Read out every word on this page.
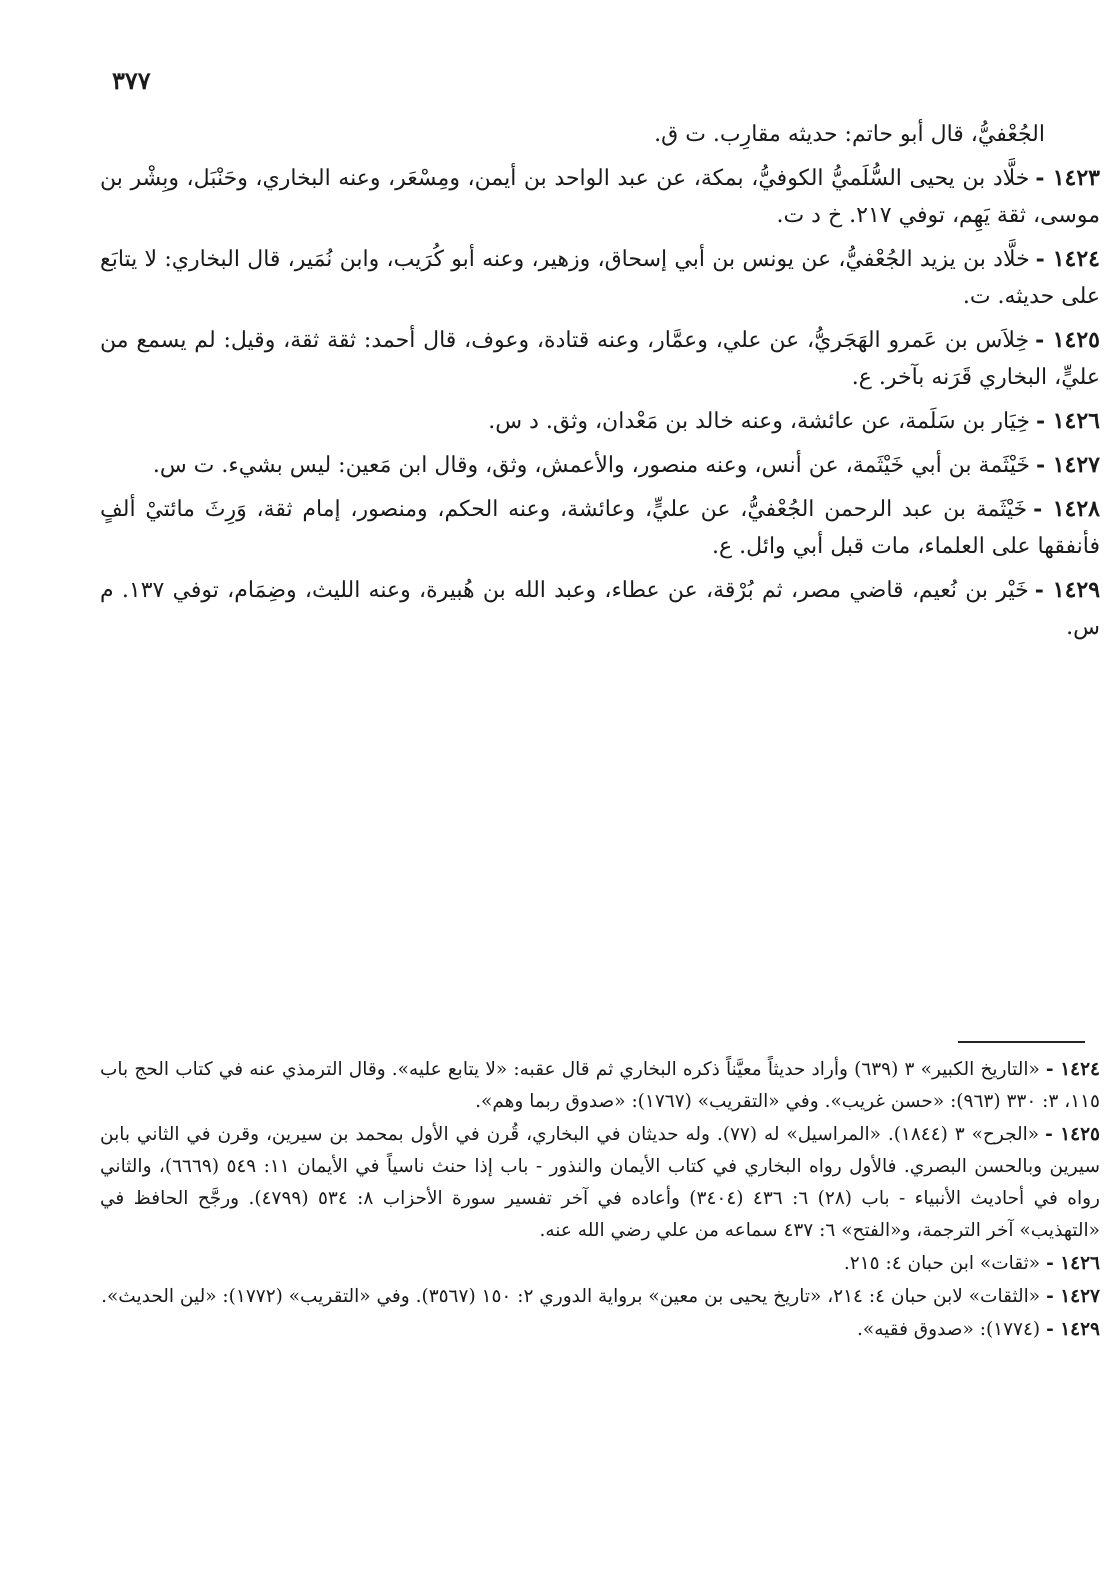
٣٧٧
الجُعْفيُّ، قال أبو حاتم: حديثه مقارِب. ت ق.
١٤٢٣ -خلَّاد بن يحيى السُّلَميُّ الكوفيُّ، بمكة، عن عبد الواحد بن أيمن، ومِسْعَر، وعنه البخاري، وحَنْبَل، وبِشْر بن موسى، ثقة يَهِم، توفي ٢١٧. خ د ت.
١٤٢٤ -خلَّاد بن يزيد الجُعْفيُّ، عن يونس بن أبي إسحاق، وزهير، وعنه أبو كُرَيب، وابن نُمَير، قال البخاري: لا يتابَع على حديثه. ت.
١٤٢٥ -خِلاَس بن عَمرو الهَجَريُّ، عن علي، وعمَّار، وعنه قتادة، وعوف، قال أحمد: ثقة ثقة، وقيل: لم يسمع من عليٍّ، البخاري قَرَنه بآخر. ع.
١٤٢٦ -خِيَار بن سَلَمة، عن عائشة، وعنه خالد بن مَعْدان، وثق. د س.
١٤٢٧ -خَيْثَمة بن أبي خَيْثَمة، عن أنس، وعنه منصور، والأعمش، وثق، وقال ابن مَعين: ليس بشيء. ت س.
١٤٢٨ -خَيْثَمة بن عبد الرحمن الجُعْفيُّ، عن عليٍّ، وعائشة، وعنه الحكم، ومنصور، إمام ثقة، وَرِثَ مائتيْ ألفٍ فأنفقها على العلماء، مات قبل أبي وائل. ع.
١٤٢٩ -خَيْر بن نُعيم، قاضي مصر، ثم بُرْقة، عن عطاء، وعبد الله بن هُبيرة، وعنه الليث، وضِمَام، توفي ١٣٧. م س.
١٤٢٤ -«التاريخ الكبير» ٣ (٦٣٩) وأراد حديثاً معيَّناً ذكره البخاري ثم قال عقبه: «لا يتابع عليه». وقال الترمذي عنه في كتاب الحج باب ١١٥، ٣: ٣٣٠ (٩٦٣): «حسن غريب». وفي «التقريب» (١٧٦٧): «صدوق ربما وهم».
١٤٢٥ -«الجرح» ٣ (١٨٤٤). «المراسيل» له (٧٧). وله حديثان في البخاري، قُرن في الأول بمحمد بن سيرين، وقرن في الثاني بابن سيرين وبالحسن البصري. فالأول رواه البخاري في كتاب الأيمان والنذور - باب إذا حنث ناسياً في الأيمان ١١: ٥٤٩ (٦٦٦٩)، والثاني رواه في أحاديث الأنبياء - باب (٢٨) ٦: ٤٣٦ (٣٤٠٤) وأعاده في آخر تفسير سورة الأحزاب ٨: ٥٣٤ (٤٧٩٩). ورجَّح الحافظ في «التهذيب» آخر الترجمة، و«الفتح» ٦: ٤٣٧ سماعه من علي رضي الله عنه.
١٤٢٦ -«ثقات» ابن حبان ٤: ٢١٥.
١٤٢٧ -«الثقات» لابن حبان ٤: ٢١٤، «تاريخ يحيى بن معين» برواية الدوري ٢: ١٥٠ (٣٥٦٧). وفي «التقريب» (١٧٧٢): «لين الحديث».
١٤٢٩ -(١٧٧٤): «صدوق فقيه».
